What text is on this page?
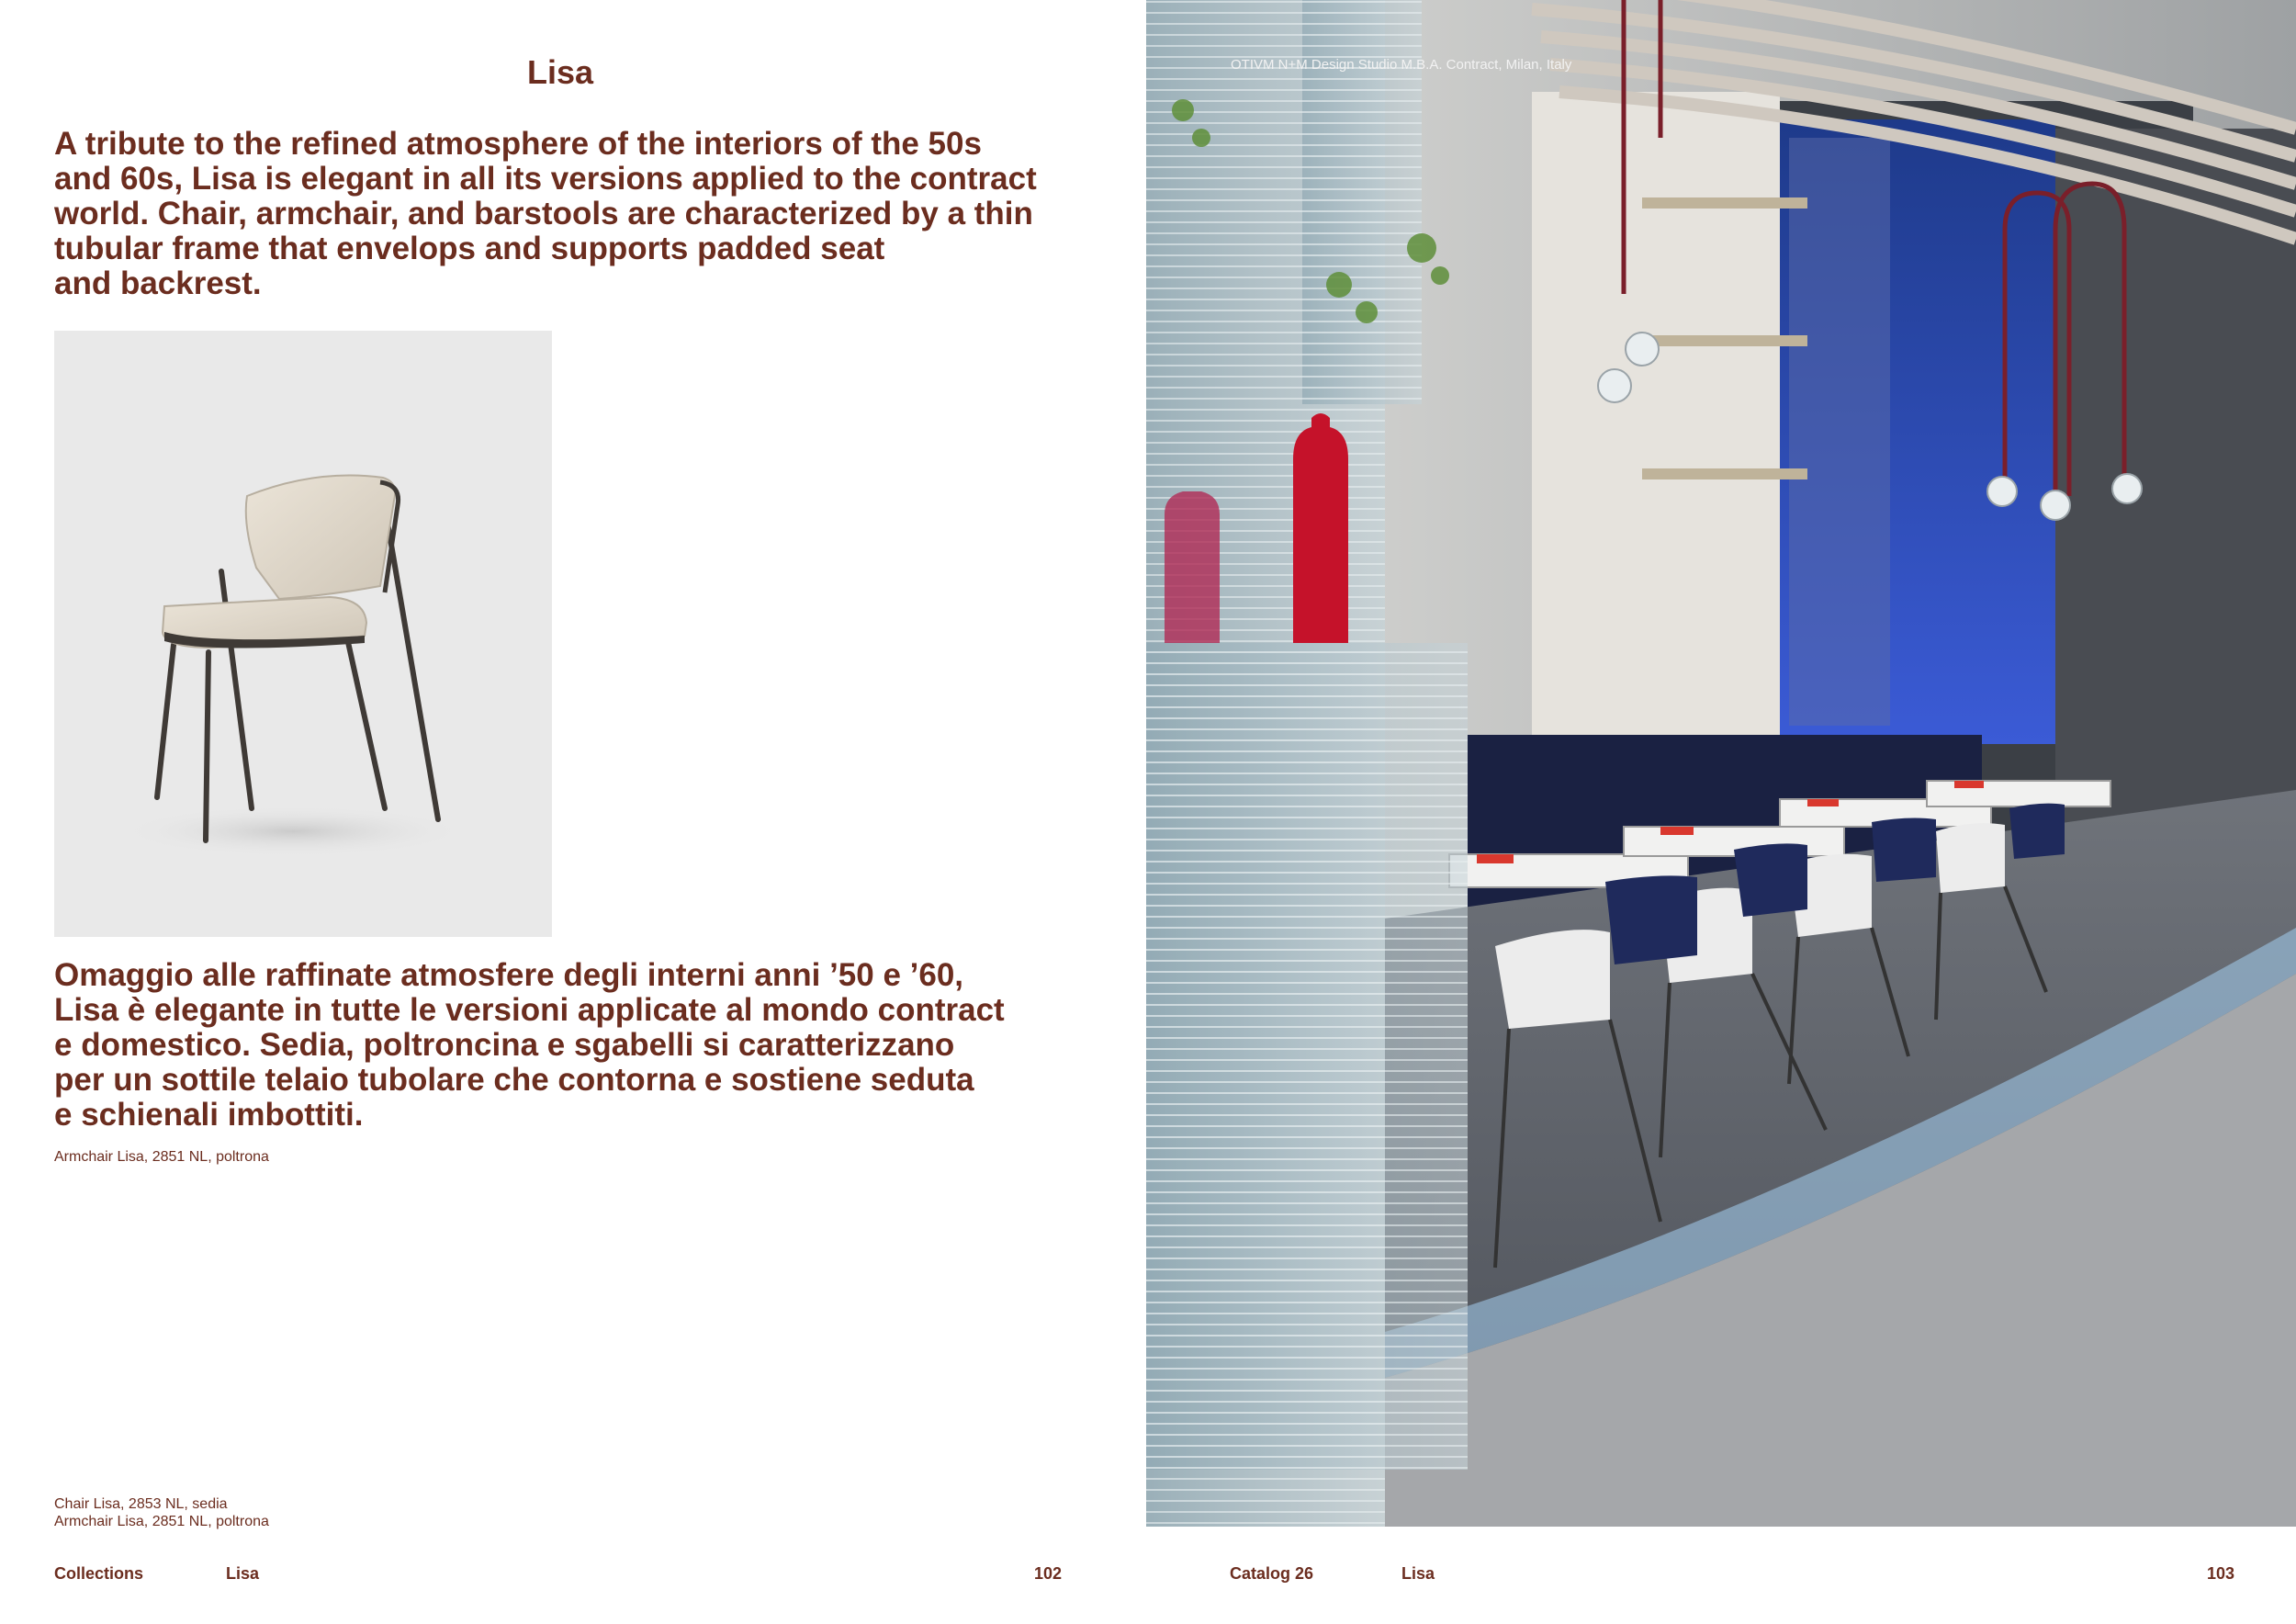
Lisa

A tribute to the refined atmosphere of the interiors of the 50s
and 60s, Lisa is elegant in all its versions applied to the contract
world. Chair, armchair, and barstools are characterized by a thin
tubular frame that envelops and supports padded seat
and backrest.

Omaggio alle raffinate atmosfere degli interni anni ’50 e ’60,
Lisa è elegante in tutte le versioni applicate al mondo contract
e domestico. Sedia, poltroncina e sgabelli si caratterizzano
per un sottile telaio tubolare che contorna e sostiene seduta
e schienali imbottiti.

Armchair Lisa, 2851 NL, poltrona
Chair Lisa, 2853 NL, sedia
Armchair Lisa, 2851 NL, poltrona
Collections	Lisa	102
OTIVM N+M Design Studio M.B.A. Contract, Milan, Italy
Catalog 26	Lisa	103
